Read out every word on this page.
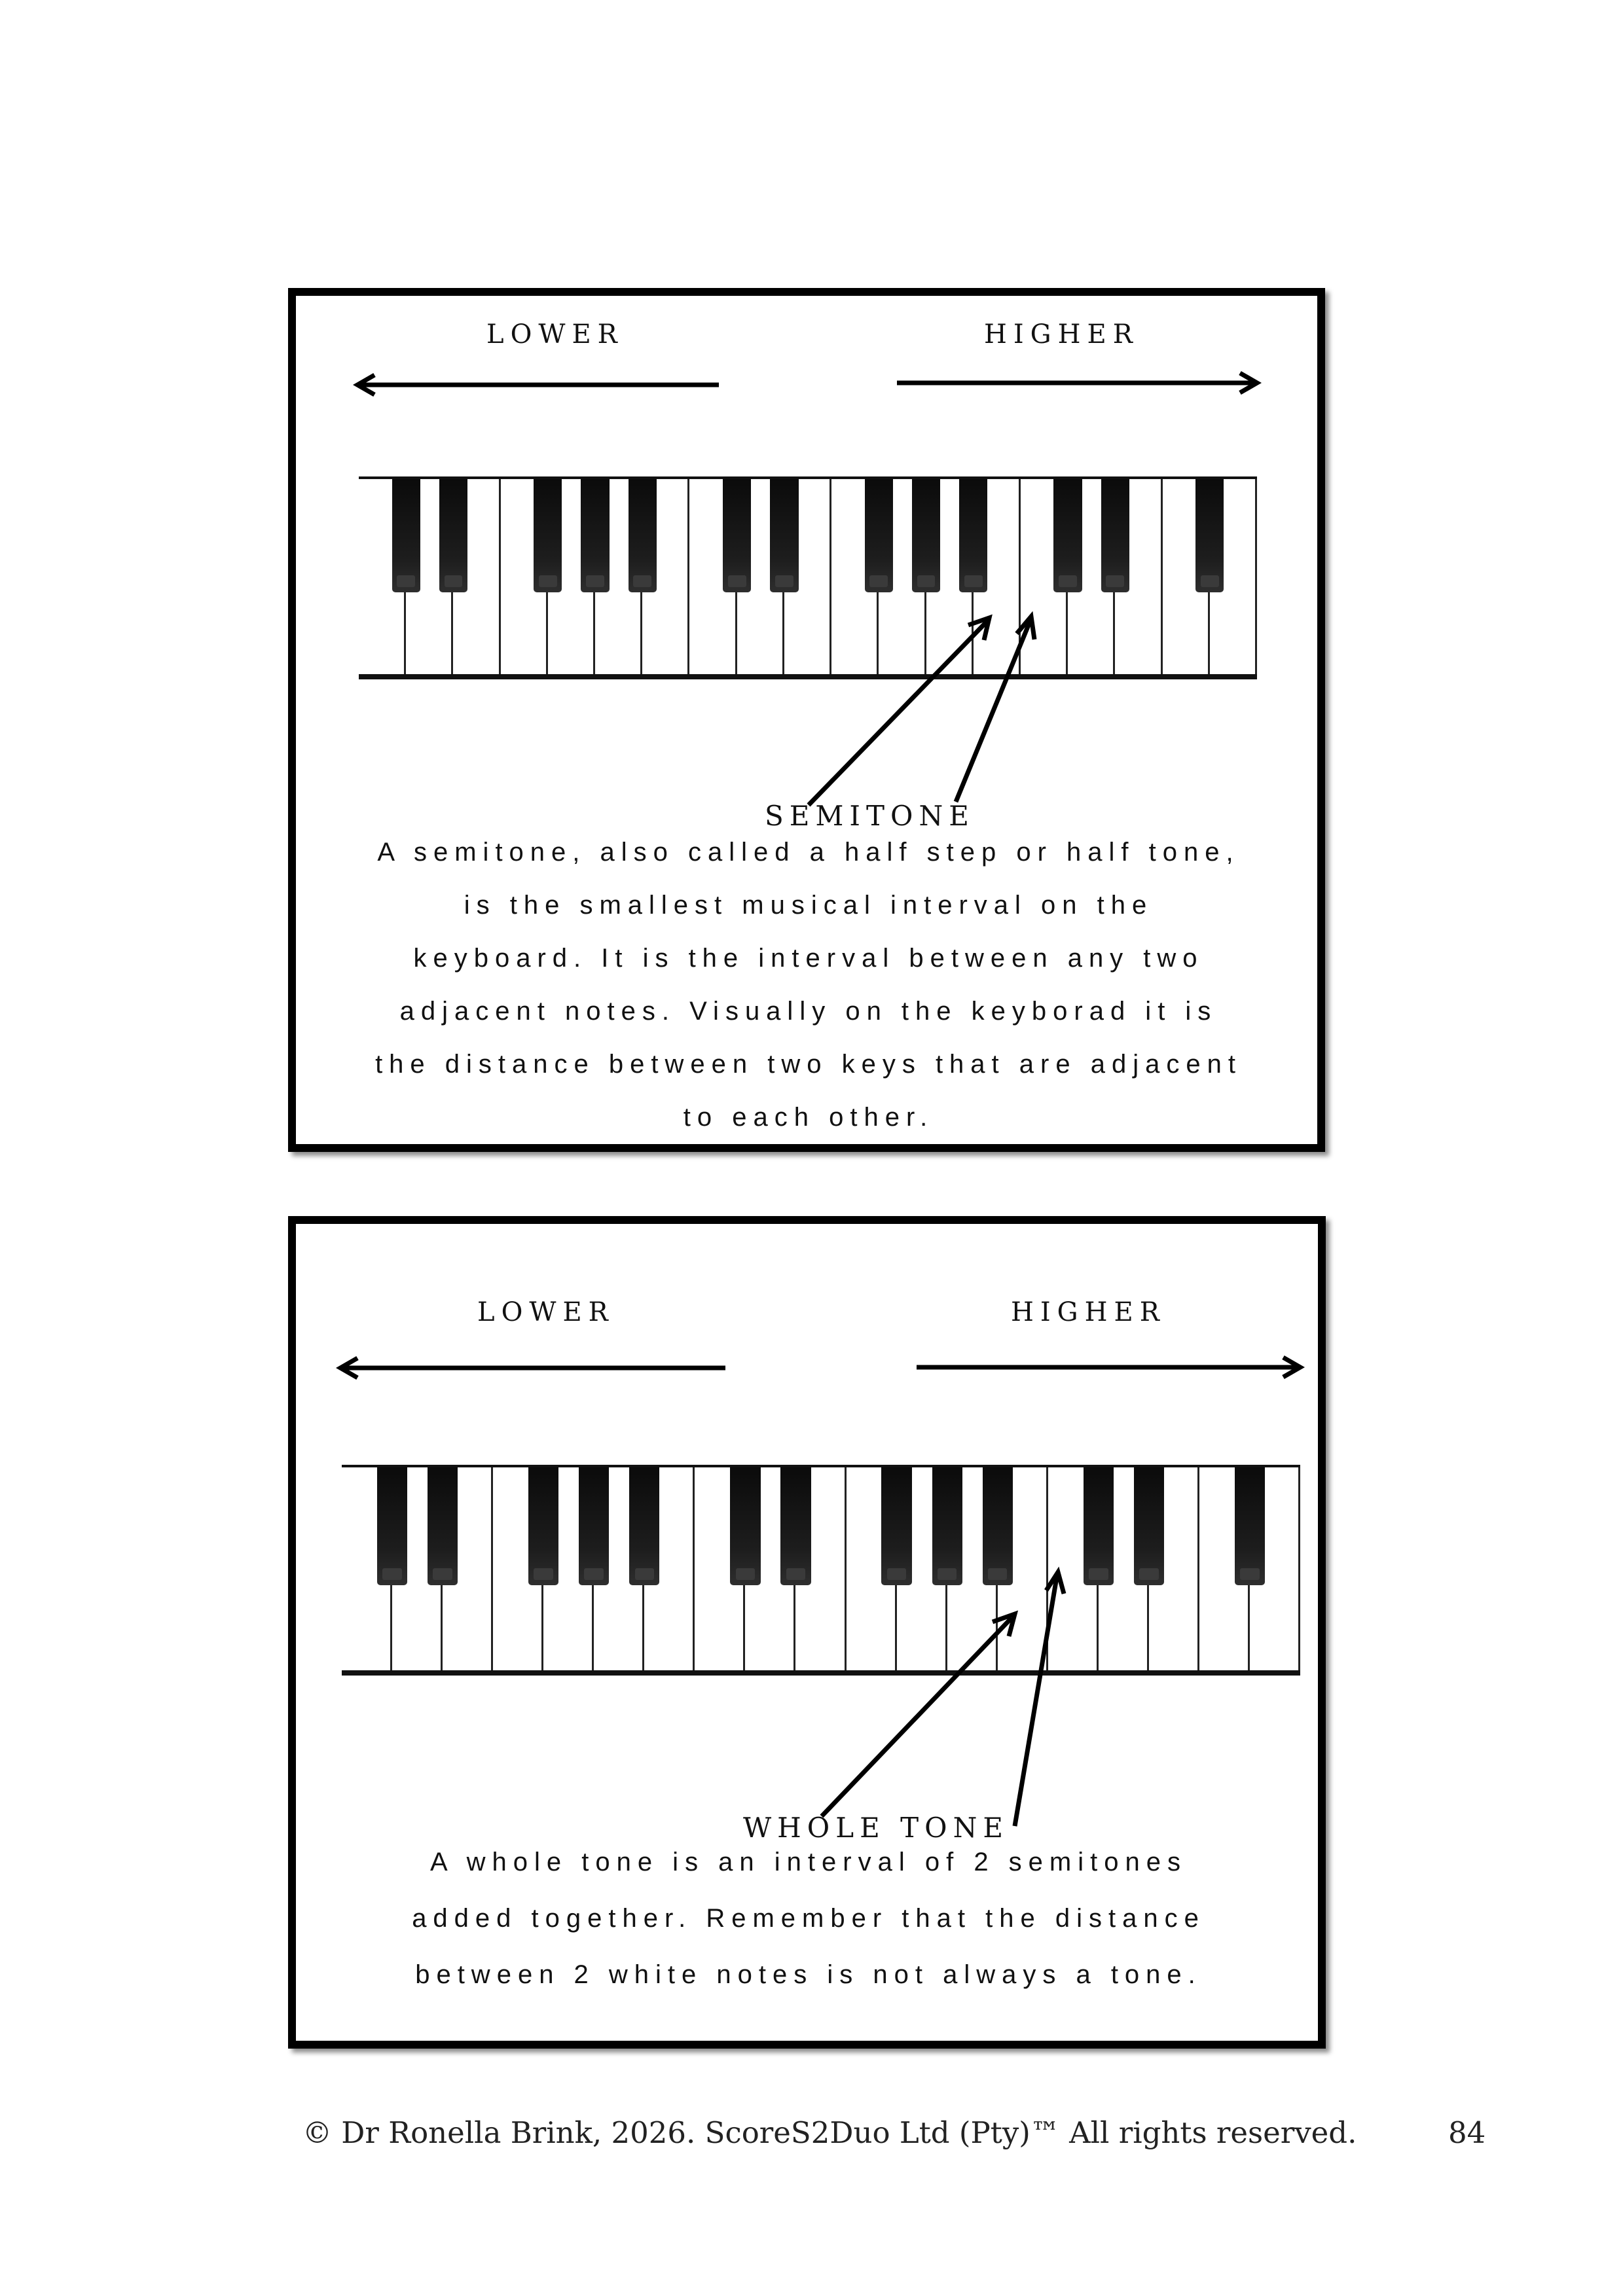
LOWER	HIGHER
SEMITONE

A semitone, also called a half step or half tone,
is the smallest musical interval on the
keyboard. It is the interval between any two
adjacent notes. Visually on the keyborad it is
the distance between two keys that are adjacent
to each other.

LOWER	HIGHER
WHOLE TONE

A whole tone is an interval of 2 semitones
added together. Remember that the distance
between 2 white notes is not always a tone.

© Dr Ronella Brink, 2026. ScoreS2Duo Ltd (Pty)™ All rights reserved.	84
